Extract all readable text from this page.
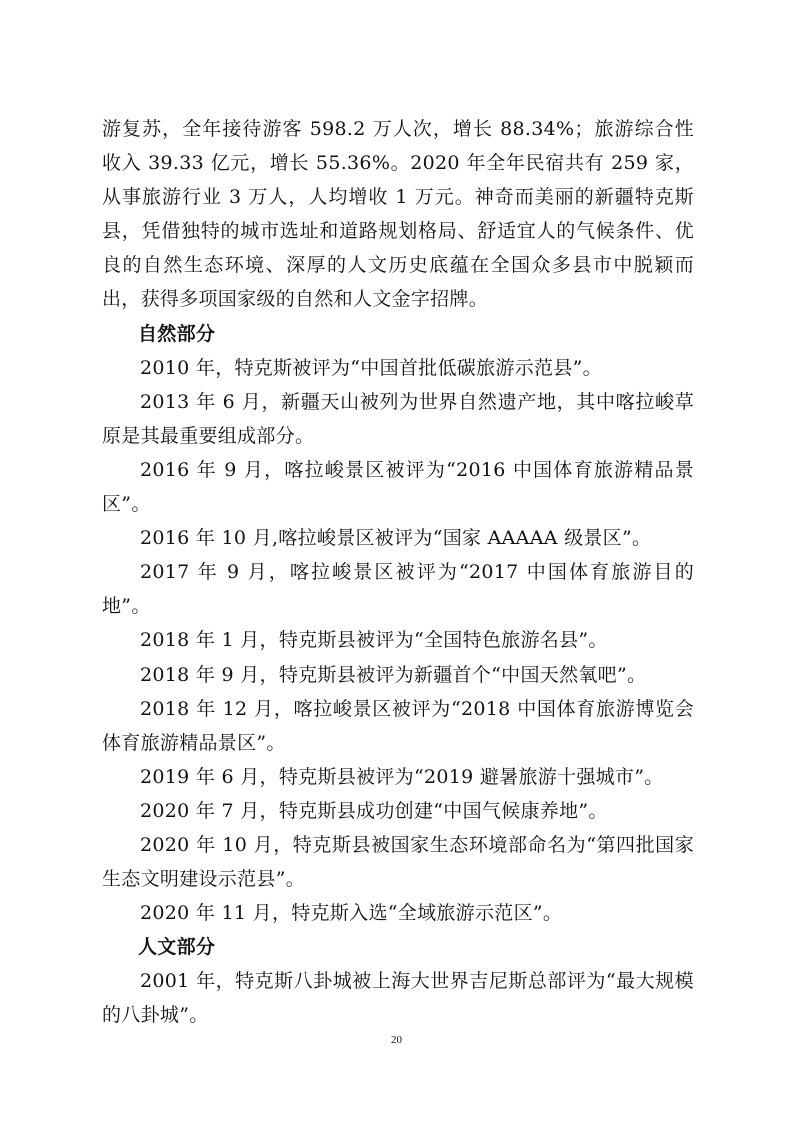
游复苏，全年接待游客 598.2 万人次，增长 88.34%；旅游综合性收入 39.33 亿元，增长 55.36%。2020 年全年民宿共有 259 家，从事旅游行业 3 万人，人均增收 1 万元。神奇而美丽的新疆特克斯县，凭借独特的城市选址和道路规划格局、舒适宜人的气候条件、优良的自然生态环境、深厚的人文历史底蕴在全国众多县市中脱颖而出，获得多项国家级的自然和人文金字招牌。

自然部分

2010 年，特克斯被评为“中国首批低碳旅游示范县”。

2013 年 6 月，新疆天山被列为世界自然遗产地，其中喀拉峻草原是其最重要组成部分。

2016 年 9 月，喀拉峻景区被评为“2016 中国体育旅游精品景区”。

2016 年 10 月,喀拉峻景区被评为“国家 AAAAA 级景区”。

2017 年 9 月，喀拉峻景区被评为“2017 中国体育旅游目的地”。

2018 年 1 月，特克斯县被评为“全国特色旅游名县”。

2018 年 9 月，特克斯县被评为新疆首个“中国天然氧吧”。

2018 年 12 月，喀拉峻景区被评为“2018 中国体育旅游博览会体育旅游精品景区”。

2019 年 6 月，特克斯县被评为“2019 避暑旅游十强城市”。

2020 年 7 月，特克斯县成功创建“中国气候康养地”。

2020 年 10 月，特克斯县被国家生态环境部命名为“第四批国家生态文明建设示范县”。

2020 年 11 月，特克斯入选“全域旅游示范区”。

人文部分

2001 年，特克斯八卦城被上海大世界吉尼斯总部评为“最大规模的八卦城”。

20
